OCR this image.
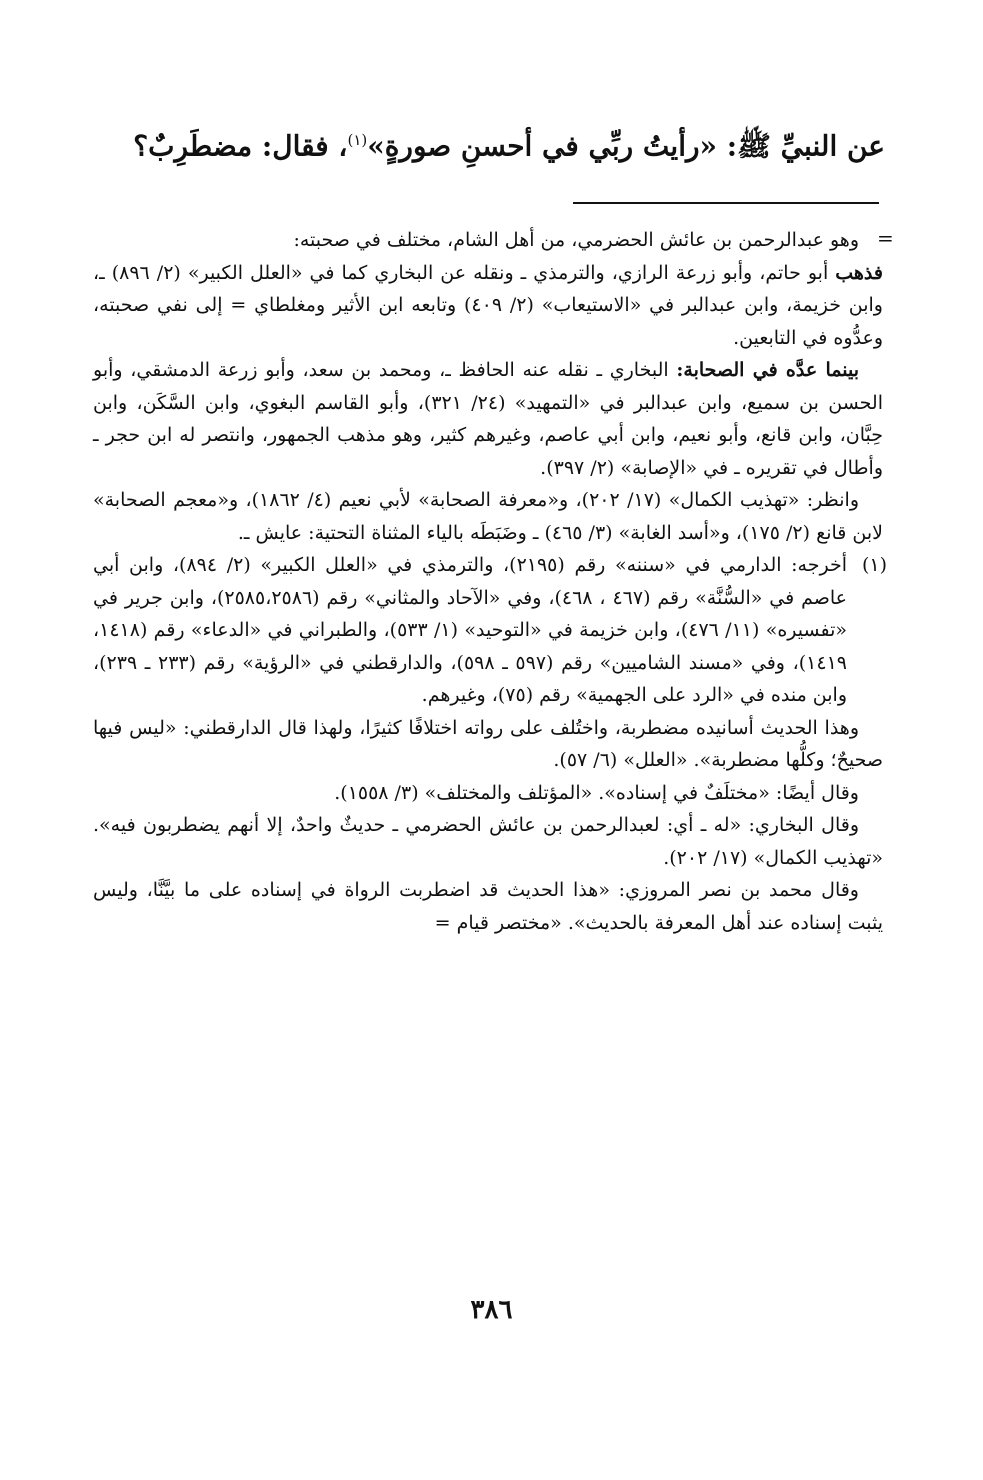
عن النبيِّ ﷺ: «رأيتُ ربِّي في أحسنِ صورةٍ»$^{(١)}$، فقال: مضطَرِبٌ؟
=

وهو عبدالرحمن بن عائش الحضرمي، من أهل الشام، مختلف في صحبته:

فذهب أبو حاتم، وأبو زرعة الرازي، والترمذي ـ ونقله عن البخاري كما في «العلل الكبير» (٢/ ٨٩٦) ـ، وابن خزيمة، وابن عبدالبر في «الاستيعاب» (٢/ ٤٠٩) وتابعه ابن الأثير ومغلطاي = إلى نفي صحبته، وعدُّوه في التابعين.

بينما عدَّه في الصحابة: البخاري ـ نقله عنه الحافظ ـ، ومحمد بن سعد، وأبو زرعة الدمشقي، وأبو الحسن بن سميع، وابن عبدالبر في «التمهيد» (٢٤/ ٣٢١)، وأبو القاسم البغوي، وابن السَّكَن، وابن حِبَّان، وابن قانع، وأبو نعيم، وابن أبي عاصم، وغيرهم كثير، وهو مذهب الجمهور، وانتصر له ابن حجر ـ وأطال في تقريره ـ في «الإصابة» (٢/ ٣٩٧).

وانظر: «تهذيب الكمال» (١٧/ ٢٠٢)، و«معرفة الصحابة» لأبي نعيم (٤/ ١٨٦٢)، و«معجم الصحابة» لابن قانع (٢/ ١٧٥)، و«أسد الغابة» (٣/ ٤٦٥) ـ وضَبَطَه بالياء المثناة التحتية: عايش ـ.

(١)

أخرجه: الدارمي في «سننه» رقم (٢١٩٥)، والترمذي في «العلل الكبير» (٢/ ٨٩٤)، وابن أبي عاصم في «السُّنَّة» رقم (٤٦٧ ، ٤٦٨)، وفي «الآحاد والمثاني» رقم (٢٥٨٥،٢٥٨٦)، وابن جرير في «تفسيره» (١١/ ٤٧٦)، وابن خزيمة في «التوحيد» (١/ ٥٣٣)، والطبراني في «الدعاء» رقم (١٤١٨، ١٤١٩)، وفي «مسند الشاميين» رقم (٥٩٧ ـ ٥٩٨)، والدارقطني في «الرؤية» رقم (٢٣٣ ـ ٢٣٩)، وابن منده في «الرد على الجهمية» رقم (٧٥)، وغيرهم.

وهذا الحديث أسانيده مضطربة، واختُلف على رواته اختلافًا كثيرًا، ولهذا قال الدارقطني: «ليس فيها صحيحٌ؛ وكلُّها مضطربة». «العلل» (٦/ ٥٧).

وقال أيضًا: «مختلَفٌ في إسناده». «المؤتلف والمختلف» (٣/ ١٥٥٨).

وقال البخاري: «له ـ أي: لعبدالرحمن بن عائش الحضرمي ـ حديثٌ واحدٌ، إلا أنهم يضطربون فيه». «تهذيب الكمال» (١٧/ ٢٠٢).

وقال محمد بن نصر المروزي: «هذا الحديث قد اضطربت الرواة في إسناده على ما بيَّنَّا، وليس يثبت إسناده عند أهل المعرفة بالحديث». «مختصر قيام =

٣٨٦
